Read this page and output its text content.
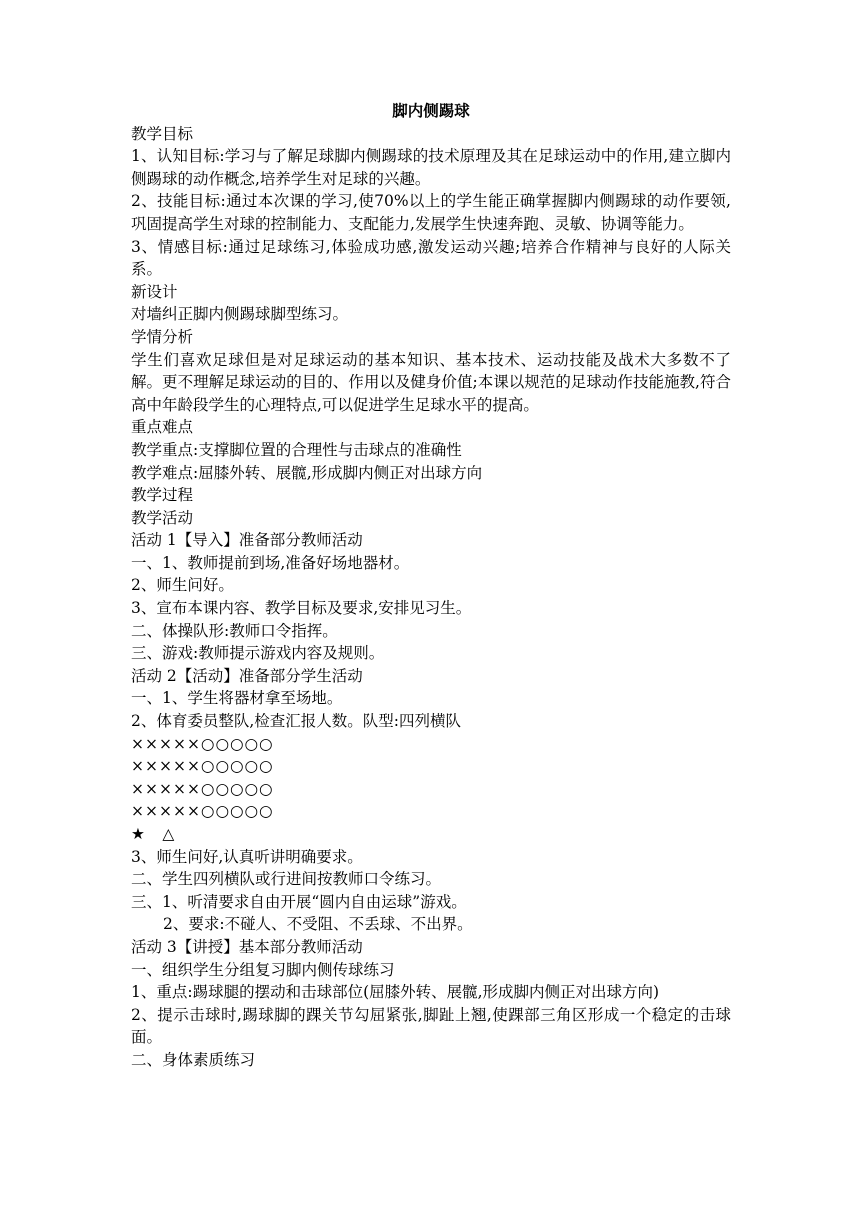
脚内侧踢球
教学目标
1、认知目标:学习与了解足球脚内侧踢球的技术原理及其在足球运动中的作用,建立脚内侧踢球的动作概念,培养学生对足球的兴趣。
2、技能目标:通过本次课的学习,使70%以上的学生能正确掌握脚内侧踢球的动作要领,巩固提高学生对球的控制能力、支配能力,发展学生快速奔跑、灵敏、协调等能力。
3、情感目标:通过足球练习,体验成功感,激发运动兴趣;培养合作精神与良好的人际关系。
新设计
对墙纠正脚内侧踢球脚型练习。
学情分析
学生们喜欢足球但是对足球运动的基本知识、基本技术、运动技能及战术大多数不了解。更不理解足球运动的目的、作用以及健身价值;本课以规范的足球动作技能施教,符合高中年龄段学生的心理特点,可以促进学生足球水平的提高。
重点难点
教学重点:支撑脚位置的合理性与击球点的准确性
教学难点:屈膝外转、展髋,形成脚内侧正对出球方向
教学过程
教学活动
活动 1【导入】准备部分教师活动
一、1、教师提前到场,准备好场地器材。
2、师生问好。
3、宣布本课内容、教学目标及要求,安排见习生。
二、体操队形:教师口令指挥。
三、游戏:教师提示游戏内容及规则。
活动 2【活动】准备部分学生活动
一、1、学生将器材拿至场地。
2、体育委员整队,检查汇报人数。队型:四列横队
×××××○○○○○
×××××○○○○○
×××××○○○○○
×××××○○○○○
★　△
3、师生问好,认真听讲明确要求。
二、学生四列横队或行进间按教师口令练习。
三、1、听清要求自由开展“圆内自由运球”游戏。
2、要求:不碰人、不受阻、不丢球、不出界。
活动 3【讲授】基本部分教师活动
一、组织学生分组复习脚内侧传球练习
1、重点:踢球腿的摆动和击球部位(屈膝外转、展髋,形成脚内侧正对出球方向)
2、提示击球时,踢球脚的踝关节勾屈紧张,脚趾上翘,使踝部三角区形成一个稳定的击球面。
二、身体素质练习
